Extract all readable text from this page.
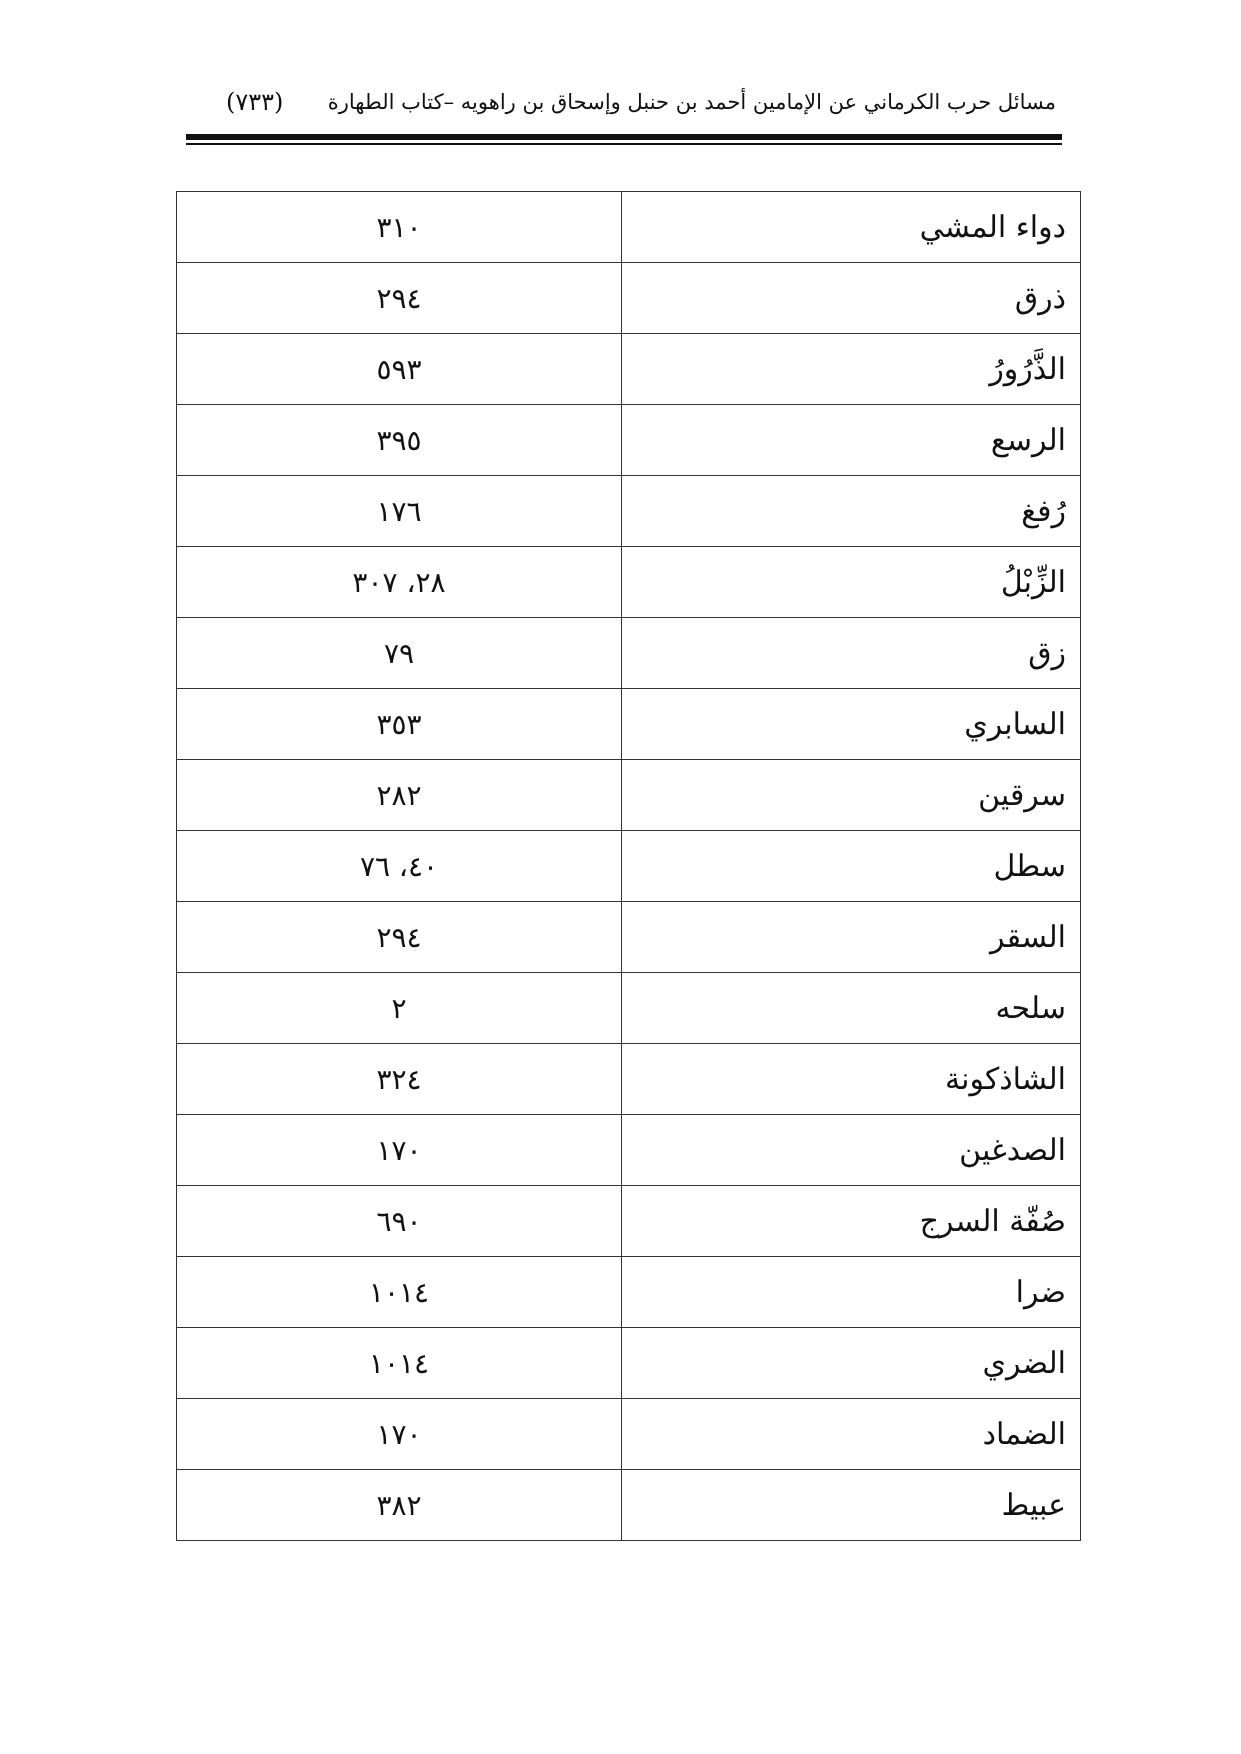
مسائل حرب الكرماني عن الإمامين أحمد بن حنبل وإسحاق بن راهويه –كتاب الطهارة
(٧٣٣)
دواء المشي	٣١٠
ذرق	٢٩٤
الذَّرُورُ	٥٩٣
الرسع	٣٩٥
رُفغ	١٧٦
الزِّبْلُ	٢٨، ٣٠٧
زق	٧٩
السابري	٣٥٣
سرقين	٢٨٢
سطل	٤٠، ٧٦
السقر	٢٩٤
سلحه	٢
الشاذكونة	٣٢٤
الصدغين	١٧٠
صُفّة السرج	٦٩٠
ضرا	١٠١٤
الضري	١٠١٤
الضماد	١٧٠
عبيط	٣٨٢
